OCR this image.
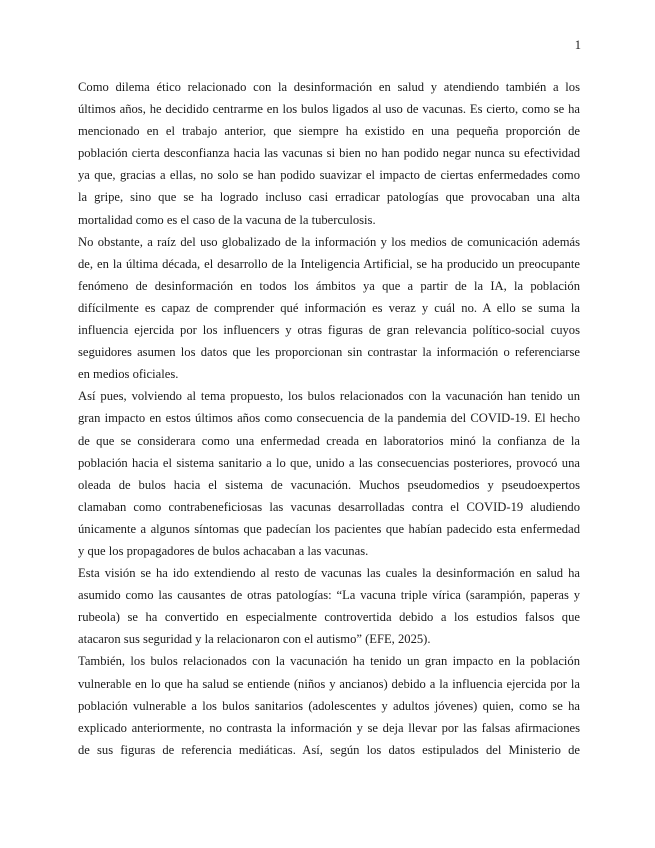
1
Como dilema ético relacionado con la desinformación en salud y atendiendo también a los
últimos años, he decidido centrarme en los bulos ligados al uso de vacunas. Es cierto, como se ha
mencionado en el trabajo anterior, que siempre ha existido en una pequeña proporción de
población cierta desconfianza hacia las vacunas si bien no han podido negar nunca su efectividad
ya que, gracias a ellas, no solo se han podido suavizar el impacto de ciertas enfermedades como
la gripe, sino que se ha logrado incluso casi erradicar patologías que provocaban una alta
mortalidad como es el caso de la vacuna de la tuberculosis.
No obstante, a raíz del uso globalizado de la información y los medios de comunicación además
de, en la última década, el desarrollo de la Inteligencia Artificial, se ha producido un preocupante
fenómeno de desinformación en todos los ámbitos ya que a partir de la IA, la población
difícilmente es capaz de comprender qué información es veraz y cuál no. A ello se suma la
influencia ejercida por los influencers y otras figuras de gran relevancia político-social cuyos
seguidores asumen los datos que les proporcionan sin contrastar la información o referenciarse
en medios oficiales.
Así pues, volviendo al tema propuesto, los bulos relacionados con la vacunación han tenido un
gran impacto en estos últimos años como consecuencia de la pandemia del COVID-19. El hecho
de que se considerara como una enfermedad creada en laboratorios minó la confianza de la
población hacia el sistema sanitario a lo que, unido a las consecuencias posteriores, provocó una
oleada de bulos hacia el sistema de vacunación. Muchos pseudomedios y pseudoexpertos
clamaban como contrabeneficiosas las vacunas desarrolladas contra el COVID-19 aludiendo
únicamente a algunos síntomas que padecían los pacientes que habían padecido esta enfermedad
y que los propagadores de bulos achacaban a las vacunas.
Esta visión se ha ido extendiendo al resto de vacunas las cuales la desinformación en salud ha
asumido como las causantes de otras patologías: “La vacuna triple vírica (sarampión, paperas y
rubeola) se ha convertido en especialmente controvertida debido a los estudios falsos que
atacaron sus seguridad y la relacionaron con el autismo” (EFE, 2025).
También, los bulos relacionados con la vacunación ha tenido un gran impacto en la población
vulnerable en lo que ha salud se entiende (niños y ancianos) debido a la influencia ejercida por la
población vulnerable a los bulos sanitarios (adolescentes y adultos jóvenes) quien, como se ha
explicado anteriormente, no contrasta la información y se deja llevar por las falsas afirmaciones
de sus figuras de referencia mediáticas. Así, según los datos estipulados del Ministerio de
